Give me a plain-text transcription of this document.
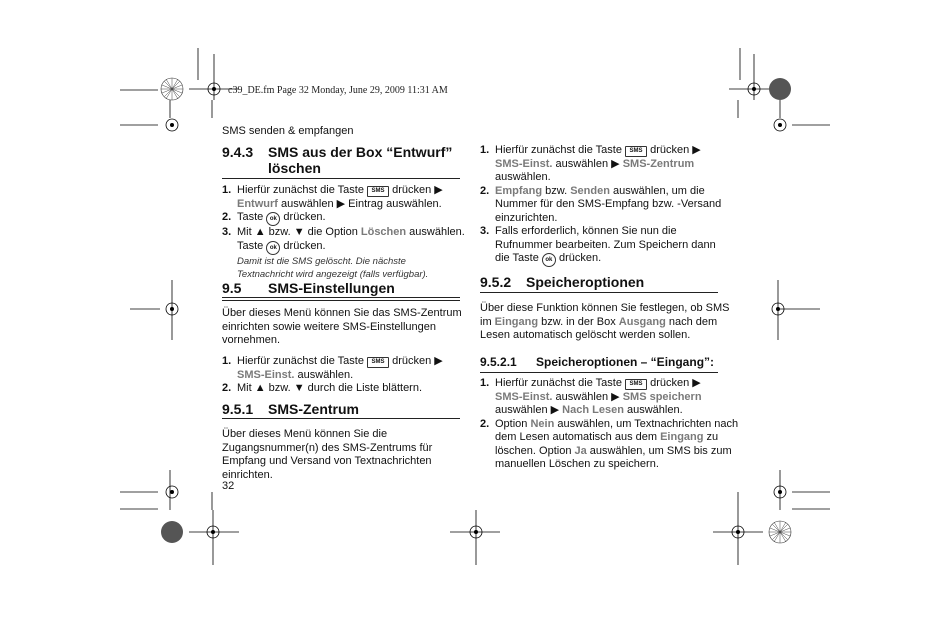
c39_DE.fm Page 32 Monday, June 29, 2009 11:31 AM
SMS senden & empfangen
9.4.3 SMS aus der Box “Entwurf”
löschen
1. Hierfür zunächst die Taste SMS drücken ▶
Entwurf auswählen ▶ Eintrag auswählen.
2. Taste ok drücken.
3. Mit ▲ bzw. ▼ die Option Löschen auswählen.
Taste ok drücken.
Damit ist die SMS gelöscht. Die nächste
Textnachricht wird angezeigt (falls verfügbar).
9.5 SMS-Einstellungen
Über dieses Menü können Sie das SMS-Zentrum
einrichten sowie weitere SMS-Einstellungen
vornehmen.
1. Hierfür zunächst die Taste SMS drücken ▶
SMS-Einst. auswählen.
2. Mit ▲ bzw. ▼ durch die Liste blättern.
9.5.1 SMS-Zentrum
Über dieses Menü können Sie die
Zugangsnummer(n) des SMS-Zentrums für
Empfang und Versand von Textnachrichten
einrichten.
32
1. Hierfür zunächst die Taste SMS drücken ▶
SMS-Einst. auswählen ▶ SMS-Zentrum
auswählen.
2. Empfang bzw. Senden auswählen, um die
Nummer für den SMS-Empfang bzw. -Versand
einzurichten.
3. Falls erforderlich, können Sie nun die
Rufnummer bearbeiten. Zum Speichern dann
die Taste ok drücken.
9.5.2 Speicheroptionen
Über diese Funktion können Sie festlegen, ob SMS
im Eingang bzw. in der Box Ausgang nach dem
Lesen automatisch gelöscht werden sollen.
9.5.2.1 Speicheroptionen – “Eingang”:
1. Hierfür zunächst die Taste SMS drücken ▶
SMS-Einst. auswählen ▶ SMS speichern
auswählen ▶ Nach Lesen auswählen.
2. Option Nein auswählen, um Textnachrichten nach
dem Lesen automatisch aus dem Eingang zu
löschen. Option Ja auswählen, um SMS bis zum
manuellen Löschen zu speichern.
